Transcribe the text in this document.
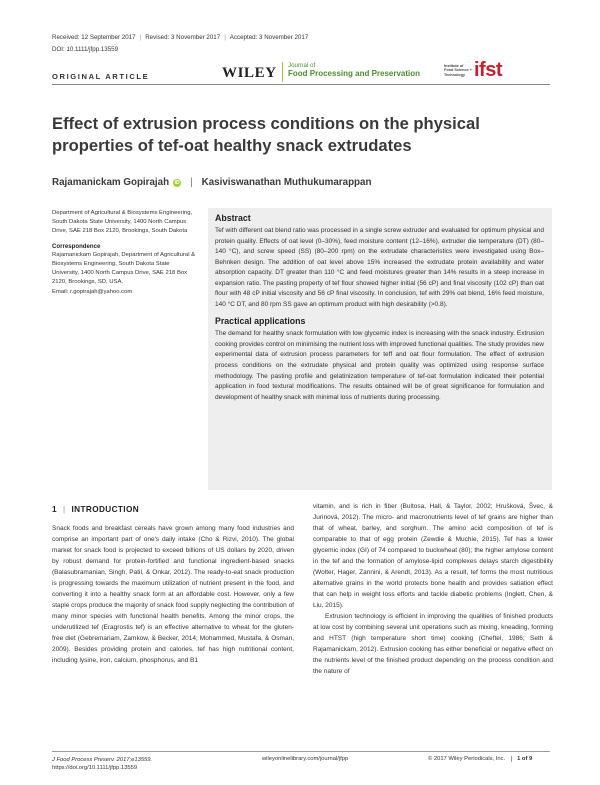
Received: 12 September 2017 | Revised: 3 November 2017 | Accepted: 3 November 2017
DOI: 10.1111/jfpp.13559
ORIGINAL ARTICLE	WILEY Journal of
Food Processing and Preservation
Institute of Food Science + Technology ifst
Effect of extrusion process conditions on the physical properties of tef-oat healthy snack extrudates
Rajamanickam Gopirajah iD | Kasiviswanathan Muthukumarappan

Department of Agricultural & Biosystems Engineering, South Dakota State University, 1400 North Campus Drive, SAE 218 Box 2120, Brookings, South Dakota

Correspondence

Rajamanickam Gopirajah, Department of Agricultural & Biosystems Engineering, South Dakota State University, 1400 North Campus Drive, SAE 218 Box 2120, Brookings, SD, USA.

Email: r.gopirajah@yahoo.com

Abstract

Tef with different oat blend ratio was processed in a single screw extruder and evaluated for optimum physical and protein quality. Effects of oat level (0–30%), feed moisture content (12–16%), extruder die temperature (DT) (80–140 °C), and screw speed (SS) (80–200 rpm) on the extrudate characteristics were investigated using Box–Behnken design. The addition of oat level above 15% increased the extrudate protein availability and water absorption capacity. DT greater than 110 °C and feed moistures greater than 14% results in a steep increase in expansion ratio. The pasting property of tef flour showed higher initial (56 cP) and final viscosity (102 cP) than oat flour with 48 cP initial viscosity and 56 cP final viscosity. In conclusion, tef with 29% oat blend, 16% feed moisture, 140 °C DT, and 80 rpm SS gave an optimum product with high desirability (>0.8).

Practical applications

The demand for healthy snack formulation with low glycemic index is increasing with the snack industry. Extrusion cooking provides control on minimising the nutrient loss with improved functional qualities. The study provides new experimental data of extrusion process parameters for teff and oat flour formulation. The effect of extrusion process conditions on the extrudate physical and protein quality was optimized using response surface methodology. The pasting profile and gelatinization temperature of tef-oat formulation indicated their potential application in food textural modifications. The results obtained will be of great significance for formulation and development of healthy snack with minimal loss of nutrients during processing.

1 | INTRODUCTION

Snack foods and breakfast cereals have grown among many food industries and comprise an important part of one's daily intake (Cho & Rizvi, 2010). The global market for snack food is projected to exceed billions of US dollars by 2020, driven by robust demand for protein-fortified and functional ingredient-based snacks (Balasubramanian, Singh, Patil, & Onkar, 2012). The ready-to-eat snack production is progressing towards the maximum utilization of nutrient present in the food, and converting it into a healthy snack form at an affordable cost. However, only a few staple crops produce the majority of snack food supply neglecting the contribution of many minor species with functional health benefits. Among the minor crops, the underutilized tef (Eragrostis tef) is an effective alternative to wheat for the gluten-free diet (Gebremariam, Zamkow, & Becker, 2014; Mohammed, Mustafa, & Osman, 2009). Besides providing protein and calories, tef has high nutritional content, including lysine, iron, calcium, phosphorus, and B1

vitamin, and is rich in fiber (Bultosa, Hall, & Taylor, 2002; Hrušková, Švec, & Jurinová, 2012). The micro- and macronutrients level of tef grains are higher than that of wheat, barley, and sorghum. The amino acid composition of tef is comparable to that of egg protein (Zewdie & Muchie, 2015). Tef has a lower glycemic index (GI) of 74 compared to buckwheat (80); the higher amylose content in the tef and the formation of amylose-lipid complexes delays starch digestibility (Wolter, Hager, Zannini, & Arendt, 2013). As a result, tef forms the most nutritious alternative grains in the world protects bone health and provides satiation effect that can help in weight loss efforts and tackle diabetic problems (Inglett, Chen, & Liu, 2015).

Extrusion technology is efficient in improving the qualities of finished products at low cost by combining several unit operations such as mixing, kneading, forming and HTST (high temperature short time) cooking (Cheftel, 1986; Seth & Rajamanickam, 2012). Extrusion cooking has either beneficial or negative effect on the nutrients level of the finished product depending on the process condition and the nature of

J Food Process Preserv. 2017;e13559.
https://doi.org/10.1111/jfpp.13559
wileyonlinelibrary.com/journal/jfpp	© 2017 Wiley Periodicals, Inc. 1 of 9
